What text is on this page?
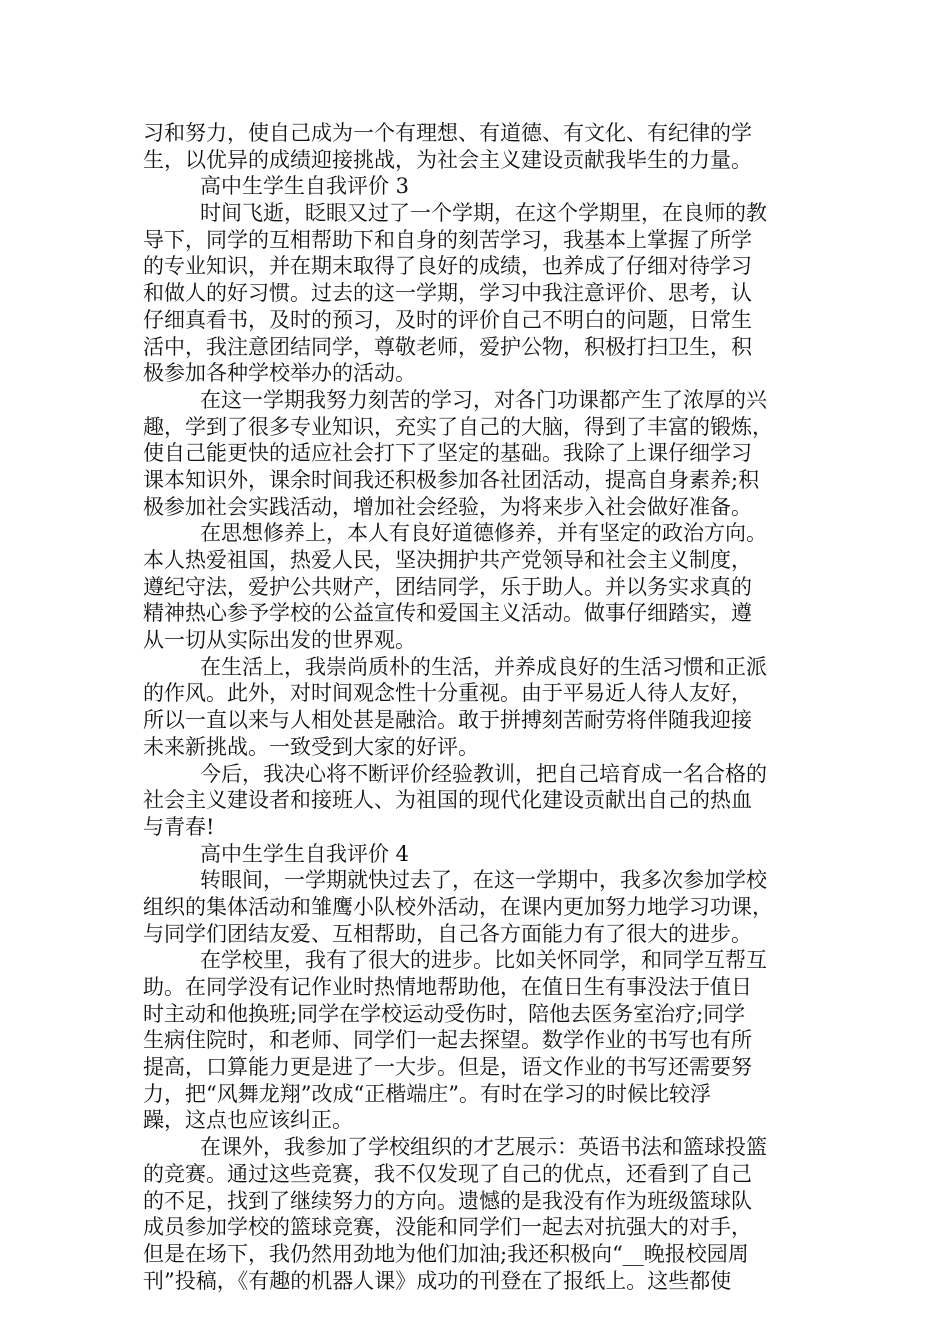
习和努力，使自己成为一个有理想、有道德、有文化、有纪律的学
生，以优异的成绩迎接挑战，为社会主义建设贡献我毕生的力量。
高中生学生自我评价 3
时间飞逝，眨眼又过了一个学期，在这个学期里，在良师的教
导下，同学的互相帮助下和自身的刻苦学习，我基本上掌握了所学
的专业知识，并在期末取得了良好的成绩，也养成了仔细对待学习
和做人的好习惯。过去的这一学期，学习中我注意评价、思考，认
仔细真看书，及时的预习，及时的评价自己不明白的问题，日常生
活中，我注意团结同学，尊敬老师，爱护公物，积极打扫卫生，积
极参加各种学校举办的活动。
在这一学期我努力刻苦的学习，对各门功课都产生了浓厚的兴
趣，学到了很多专业知识，充实了自己的大脑，得到了丰富的锻炼，
使自己能更快的适应社会打下了坚定的基础。我除了上课仔细学习
课本知识外，课余时间我还积极参加各社团活动，提高自身素养;积
极参加社会实践活动，增加社会经验，为将来步入社会做好准备。
在思想修养上，本人有良好道德修养，并有坚定的政治方向。
本人热爱祖国，热爱人民，坚决拥护共产党领导和社会主义制度，
遵纪守法，爱护公共财产，团结同学，乐于助人。并以务实求真的
精神热心参予学校的公益宣传和爱国主义活动。做事仔细踏实，遵
从一切从实际出发的世界观。
在生活上，我崇尚质朴的生活，并养成良好的生活习惯和正派
的作风。此外，对时间观念性十分重视。由于平易近人待人友好，
所以一直以来与人相处甚是融洽。敢于拼搏刻苦耐劳将伴随我迎接
未来新挑战。一致受到大家的好评。
今后，我决心将不断评价经验教训，把自己培育成一名合格的
社会主义建设者和接班人、为祖国的现代化建设贡献出自己的热血
与青春!
高中生学生自我评价 4
转眼间，一学期就快过去了，在这一学期中，我多次参加学校
组织的集体活动和雏鹰小队校外活动，在课内更加努力地学习功课，
与同学们团结友爱、互相帮助，自己各方面能力有了很大的进步。
在学校里，我有了很大的进步。比如关怀同学，和同学互帮互
助。在同学没有记作业时热情地帮助他，在值日生有事没法于值日
时主动和他换班;同学在学校运动受伤时，陪他去医务室治疗;同学
生病住院时，和老师、同学们一起去探望。数学作业的书写也有所
提高，口算能力更是进了一大步。但是，语文作业的书写还需要努
力，把“风舞龙翔”改成“正楷端庄”。有时在学习的时候比较浮
躁，这点也应该纠正。
在课外，我参加了学校组织的才艺展示：英语书法和篮球投篮
的竞赛。通过这些竞赛，我不仅发现了自己的优点，还看到了自己
的不足，找到了继续努力的方向。遗憾的是我没有作为班级篮球队
成员参加学校的篮球竞赛，没能和同学们一起去对抗强大的对手，
但是在场下，我仍然用劲地为他们加油;我还积极向“__晚报校园周
刊”投稿，《有趣的机器人课》成功的刊登在了报纸上。这些都使
